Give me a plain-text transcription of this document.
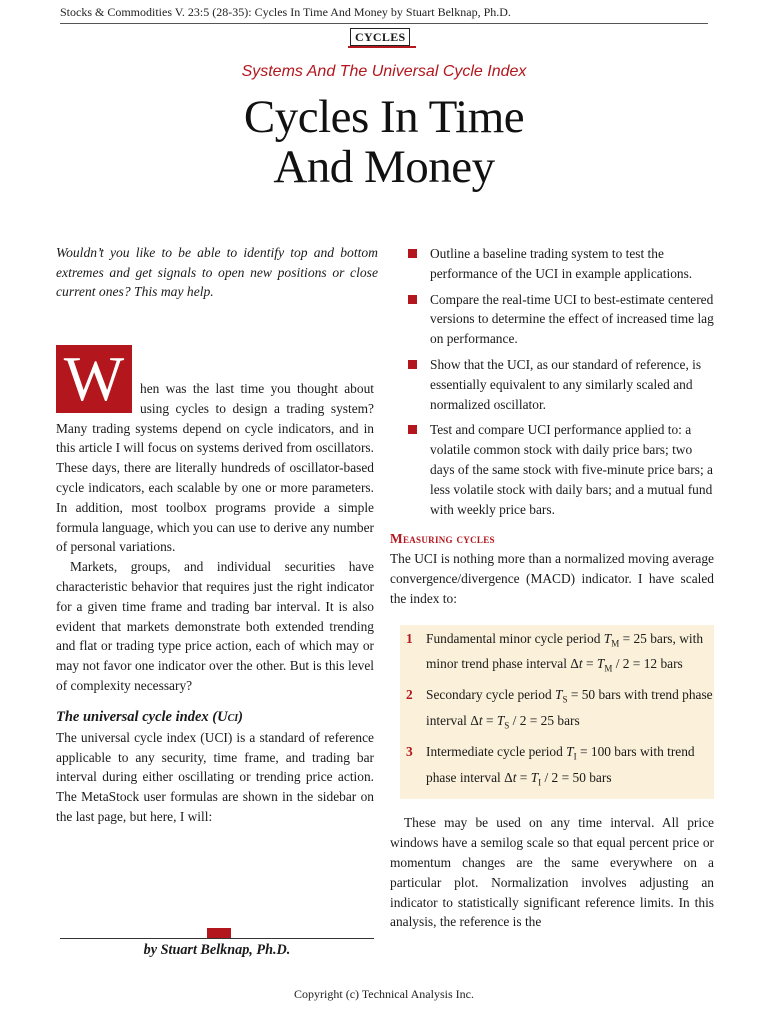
Stocks & Commodities V. 23:5 (28-35): Cycles In Time And Money by Stuart Belknap, Ph.D.
CYCLES
Systems And The Universal Cycle Index
Cycles In Time
And Money
Wouldn’t you like to be able to identify top and bottom extremes and get signals to open new positions or close current ones? This may help.

W	hen was the last time you thought about using cycles to design a trading system? Many trading systems depend on cycle indicators, and in this article I will focus on systems derived from oscillators. These days, there are literally hundreds of oscillator-based cycle indicators, each scalable by one or more parameters. In addition, most toolbox programs provide a simple formula language, which you can use to derive any number of personal variations.

Markets, groups, and individual securities have characteristic behavior that requires just the right indicator for a given time frame and trading bar interval. It is also evident that markets demonstrate both extended trending and flat or trading type price action, each of which may or may not favor one indicator over the other. But is this level of complexity necessary?

The universal cycle index (Uci)

The universal cycle index (UCI) is a standard of reference applicable to any security, time frame, and trading bar interval during either oscillating or trending price action. The MetaStock user formulas are shown in the sidebar on the last page, but here, I will:

by Stuart Belknap, Ph.D.
Outline a baseline trading system to test the performance of the UCI in example applications.
Compare the real-time UCI to best-estimate centered versions to determine the effect of increased time lag on performance.
Show that the UCI, as our standard of reference, is essentially equivalent to any similarly scaled and normalized oscillator.
Test and compare UCI performance applied to: a volatile common stock with daily price bars; two days of the same stock with five-minute price bars; a less volatile stock with daily bars; and a mutual fund with weekly price bars.

Measuring cycles

The UCI is nothing more than a normalized moving average convergence/divergence (MACD) indicator. I have scaled the index to:

1 Fundamental minor cycle period $T_M = 25$ bars, with minor trend phase interval $\Delta t = T_M / 2 = 12$ bars
2 Secondary cycle period $T_S = 50$ bars with trend phase interval $\Delta t = T_S / 2 = 25$ bars
3 Intermediate cycle period $T_I = 100$ bars with trend phase interval $\Delta t = T_I / 2 = 50$ bars

These may be used on any time interval. All price windows have a semilog scale so that equal percent price or momentum changes are the same everywhere on a particular plot. Normalization involves adjusting an indicator to statistically significant reference limits. In this analysis, the reference is the

Copyright (c) Technical Analysis Inc.
